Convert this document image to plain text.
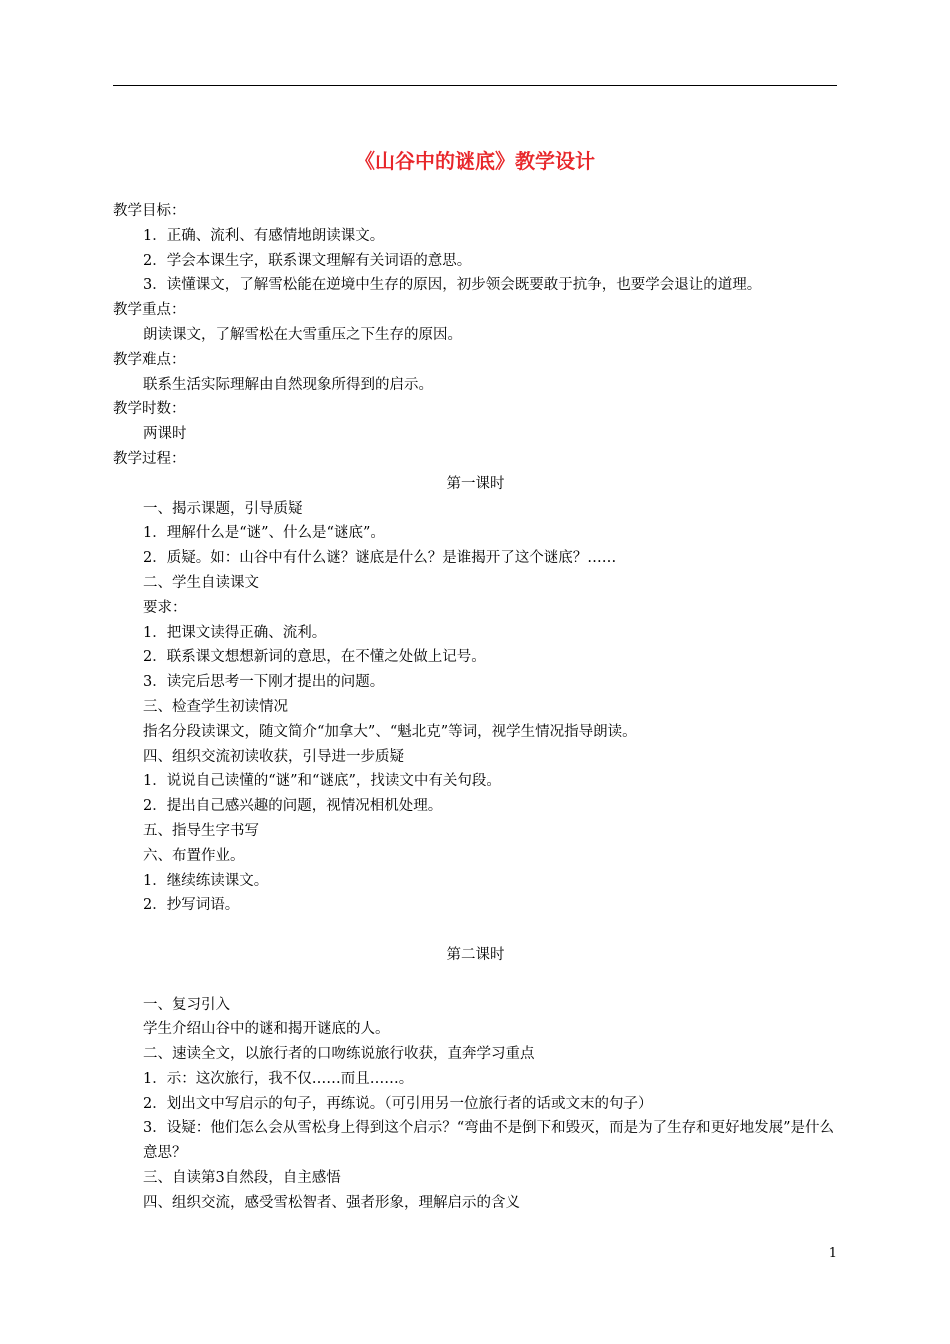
《山谷中的谜底》教学设计
教学目标：
1．正确、流利、有感情地朗读课文。
2．学会本课生字，联系课文理解有关词语的意思。
3．读懂课文，了解雪松能在逆境中生存的原因，初步领会既要敢于抗争，也要学会退让的道理。
教学重点：
朗读课文，了解雪松在大雪重压之下生存的原因。
教学难点：
联系生活实际理解由自然现象所得到的启示。
教学时数：
两课时
教学过程：
第一课时
一、揭示课题，引导质疑
1．理解什么是“谜”、什么是“谜底”。
2．质疑。如：山谷中有什么谜？谜底是什么？是谁揭开了这个谜底？……
二、学生自读课文
要求：
1．把课文读得正确、流利。
2．联系课文想想新词的意思，在不懂之处做上记号。
3．读完后思考一下刚才提出的问题。
三、检查学生初读情况
指名分段读课文，随文简介“加拿大”、“魁北克”等词，视学生情况指导朗读。
四、组织交流初读收获，引导进一步质疑
1．说说自己读懂的“谜”和“谜底”，找读文中有关句段。
2．提出自己感兴趣的问题，视情况相机处理。
五、指导生字书写
六、布置作业。
1．继续练读课文。
2．抄写词语。
第二课时
一、复习引入
学生介绍山谷中的谜和揭开谜底的人。
二、速读全文，以旅行者的口吻练说旅行收获，直奔学习重点
1．示：这次旅行，我不仅……而且……。
2．划出文中写启示的句子，再练说。（可引用另一位旅行者的话或文末的句子）
3．设疑：他们怎么会从雪松身上得到这个启示？“弯曲不是倒下和毁灭，而是为了生存和更好地发展”是什么意思？
三、自读第3自然段，自主感悟
四、组织交流，感受雪松智者、强者形象，理解启示的含义
1
